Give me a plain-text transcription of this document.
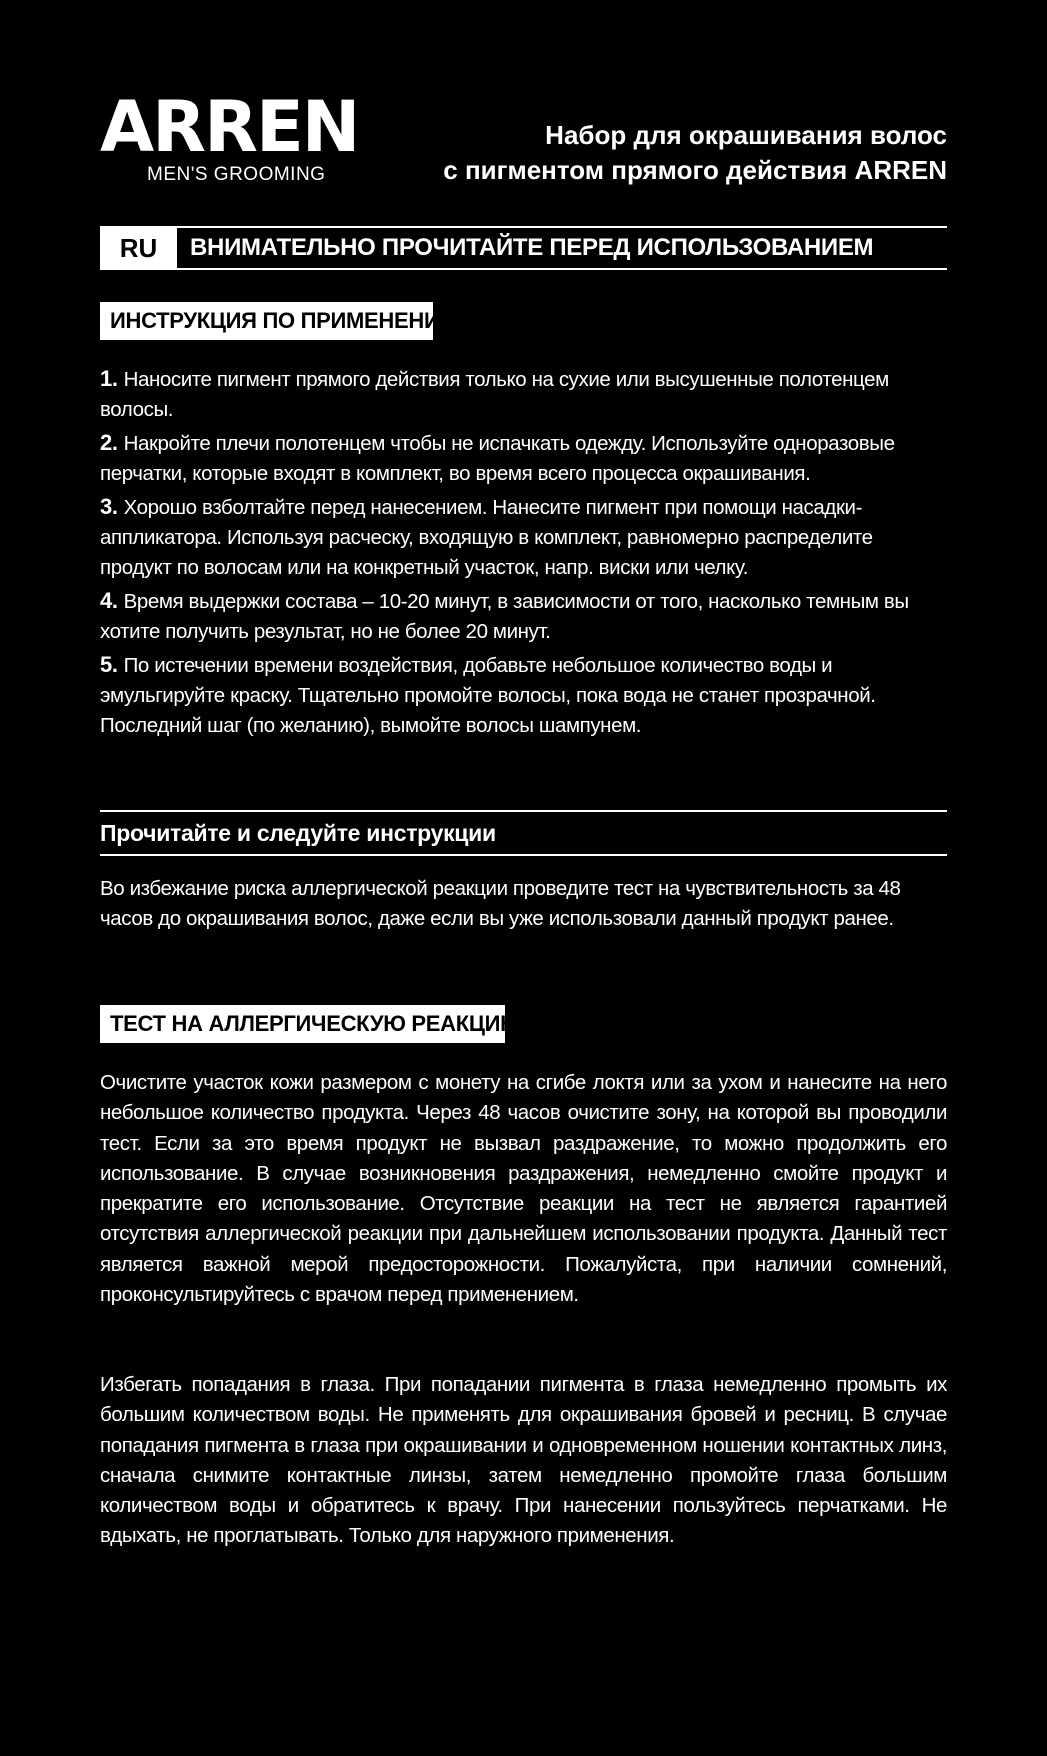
ARREN
MEN'S GROOMING
Набор для окрашивания волос
с пигментом прямого действия ARREN
RU	ВНИМАТЕЛЬНО ПРОЧИТАЙТЕ ПЕРЕД ИСПОЛЬЗОВАНИЕМ
ИНСТРУКЦИЯ ПО ПРИМЕНЕНИЮ
1. Наносите пигмент прямого действия только на сухие или высушенные полотенцем волосы.
2. Накройте плечи полотенцем чтобы не испачкать одежду. Используйте одноразовые перчатки, которые входят в комплект, во время всего процесса окрашивания.
3. Хорошо взболтайте перед нанесением. Нанесите пигмент при помощи насадки-аппликатора. Используя расческу, входящую в комплект, равномерно распределите продукт по волосам или на конкретный участок, напр. виски или челку.
4. Время выдержки состава – 10-20 минут, в зависимости от того, насколько темным вы хотите получить результат, но не более 20 минут.
5. По истечении времени воздействия, добавьте небольшое количество воды и эмульгируйте краску. Тщательно промойте волосы, пока вода не станет прозрачной. Последний шаг (по желанию), вымойте волосы шампунем.
Прочитайте и следуйте инструкции
Во избежание риска аллергической реакции проведите тест на чувствительность за 48 часов до окрашивания волос, даже если вы уже использовали данный продукт ранее.
ТЕСТ НА АЛЛЕРГИЧЕСКУЮ РЕАКЦИЮ
Очистите участок кожи размером с монету на сгибе локтя или за ухом и нанесите на него небольшое количество продукта. Через 48 часов очистите зону, на которой вы проводили тест. Если за это время продукт не вызвал раздражение, то можно продолжить его использование. В случае возникновения раздражения, немедленно смойте продукт и прекратите его использование. Отсутствие реакции на тест не является гарантией отсутствия аллергической реакции при дальнейшем использовании продукта. Данный тест является важной мерой предосторожности. Пожалуйста, при наличии сомнений, проконсультируйтесь с врачом перед применением.
Избегать попадания в глаза. При попадании пигмента в глаза немедленно промыть их большим количеством воды. Не применять для окрашивания бровей и ресниц. В случае попадания пигмента в глаза при окрашивании и одновременном ношении контактных линз, сначала снимите контактные линзы, затем немедленно промойте глаза большим количеством воды и обратитесь к врачу. При нанесении пользуйтесь перчатками. Не вдыхать, не проглатывать. Только для наружного применения.
